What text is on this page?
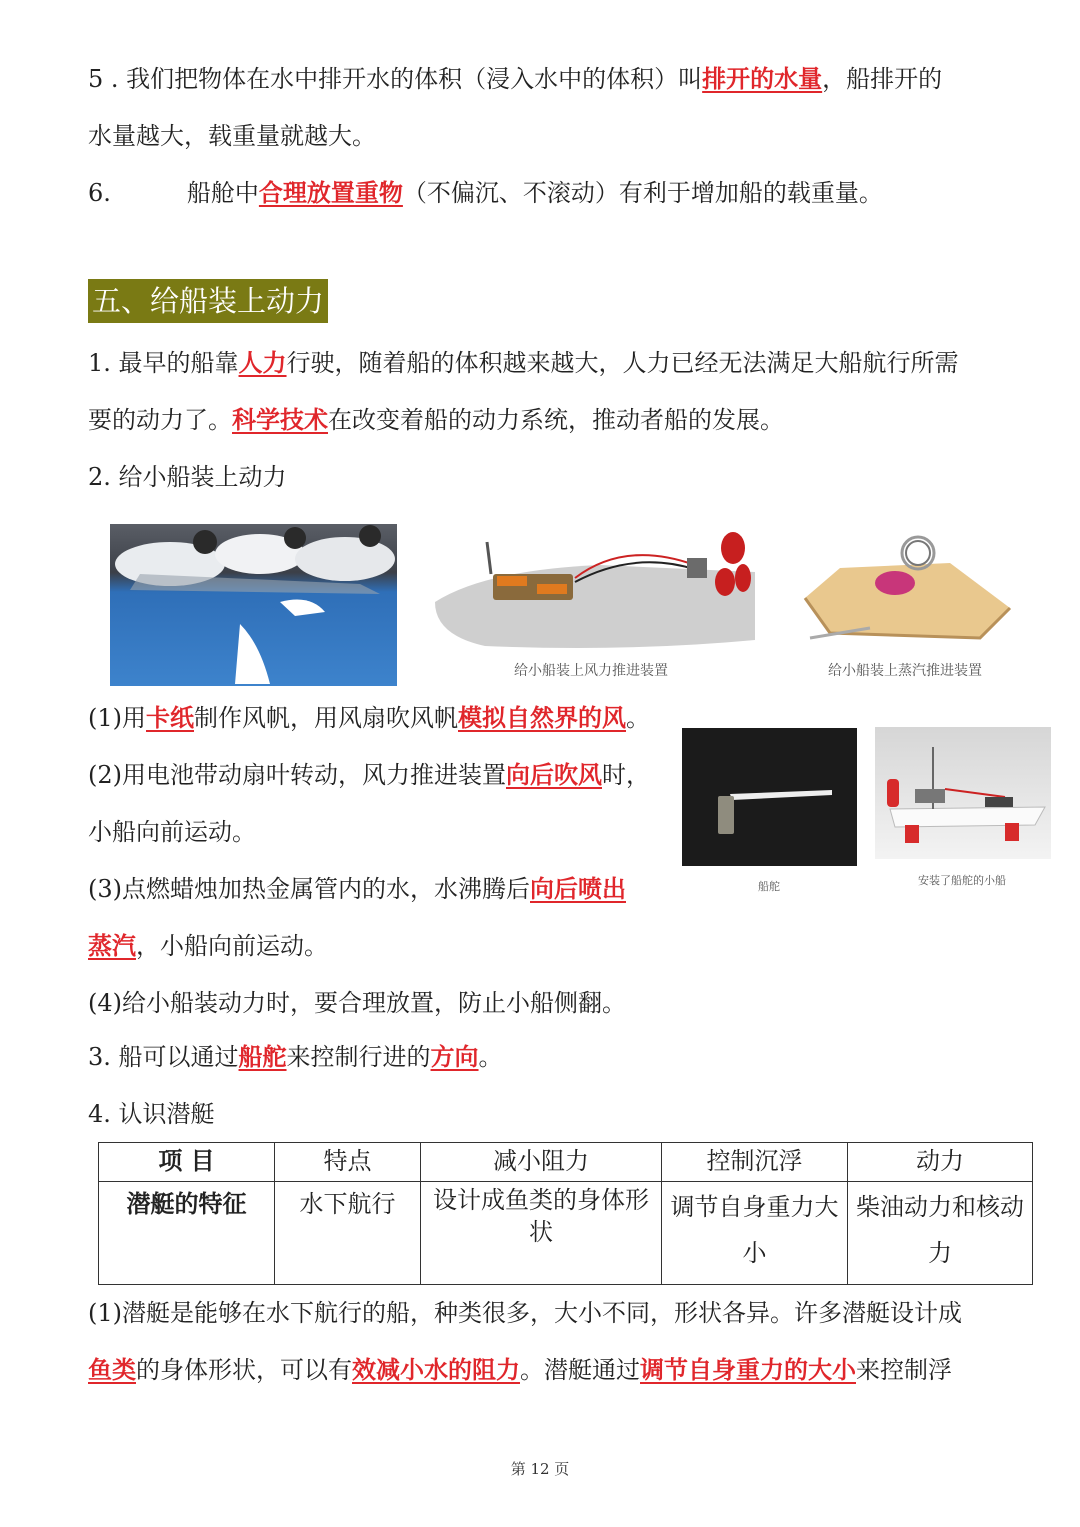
5 . 我们把物体在水中排开水的体积（浸入水中的体积）叫排开的水量，船排开的
水量越大，载重量就越大。
6.	船舱中合理放置重物（不偏沉、不滚动）有利于增加船的载重量。
五、给船装上动力
1. 最早的船靠人力行驶，随着船的体积越来越大，人力已经无法满足大船航行所需
要的动力了。科学技术在改变着船的动力系统，推动者船的发展。
2. 给小船装上动力
给小船装上风力推进装置	给小船装上蒸汽推进装置
(1)用卡纸制作风帆，用风扇吹风帆模拟自然界的风。
(2)用电池带动扇叶转动，风力推进装置向后吹风时，
小船向前运动。
(3)点燃蜡烛加热金属管内的水，水沸腾后向后喷出
蒸汽，小船向前运动。
(4)给小船装动力时，要合理放置，防止小船侧翻。
船舵	安装了船舵的小船
3. 船可以通过船舵来控制行进的方向。
4. 认识潜艇
项 目	特点	减小阻力	控制沉浮	动力
潜艇的特征	水下航行	设计成鱼类的身体形状	调节自身重力大小	柴油动力和核动力
(1)潜艇是能够在水下航行的船，种类很多，大小不同，形状各异。许多潜艇设计成
鱼类的身体形状，可以有效减小水的阻力。潜艇通过调节自身重力的大小来控制浮
第 12 页
